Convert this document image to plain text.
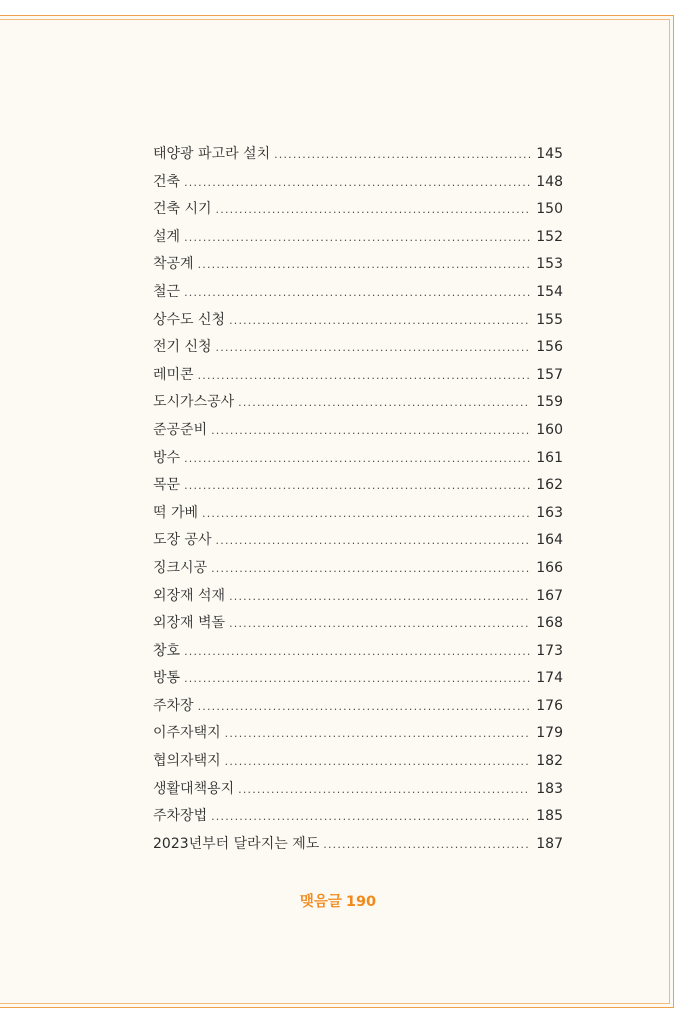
태양광 파고라 설치 .....	145
건축 .....	148
건축 시기 .....	150
설계 .....	152
착공계 .....	153
철근 .....	154
상수도 신청 .....	155
전기 신청 .....	156
레미콘 .....	157
도시가스공사 .....	159
준공준비 .....	160
방수 .....	161
목문 .....	162
떡 가베 .....	163
도장 공사 .....	164
징크시공 .....	166
외장재 석재 .....	167
외장재 벽돌 .....	168
창호 .....	173
방통 .....	174
주차장 .....	176
이주자택지 .....	179
협의자택지 .....	182
생활대책용지 .....	183
주차장법 .....	185
2023년부터 달라지는 제도 .....	187
맺음글 190
